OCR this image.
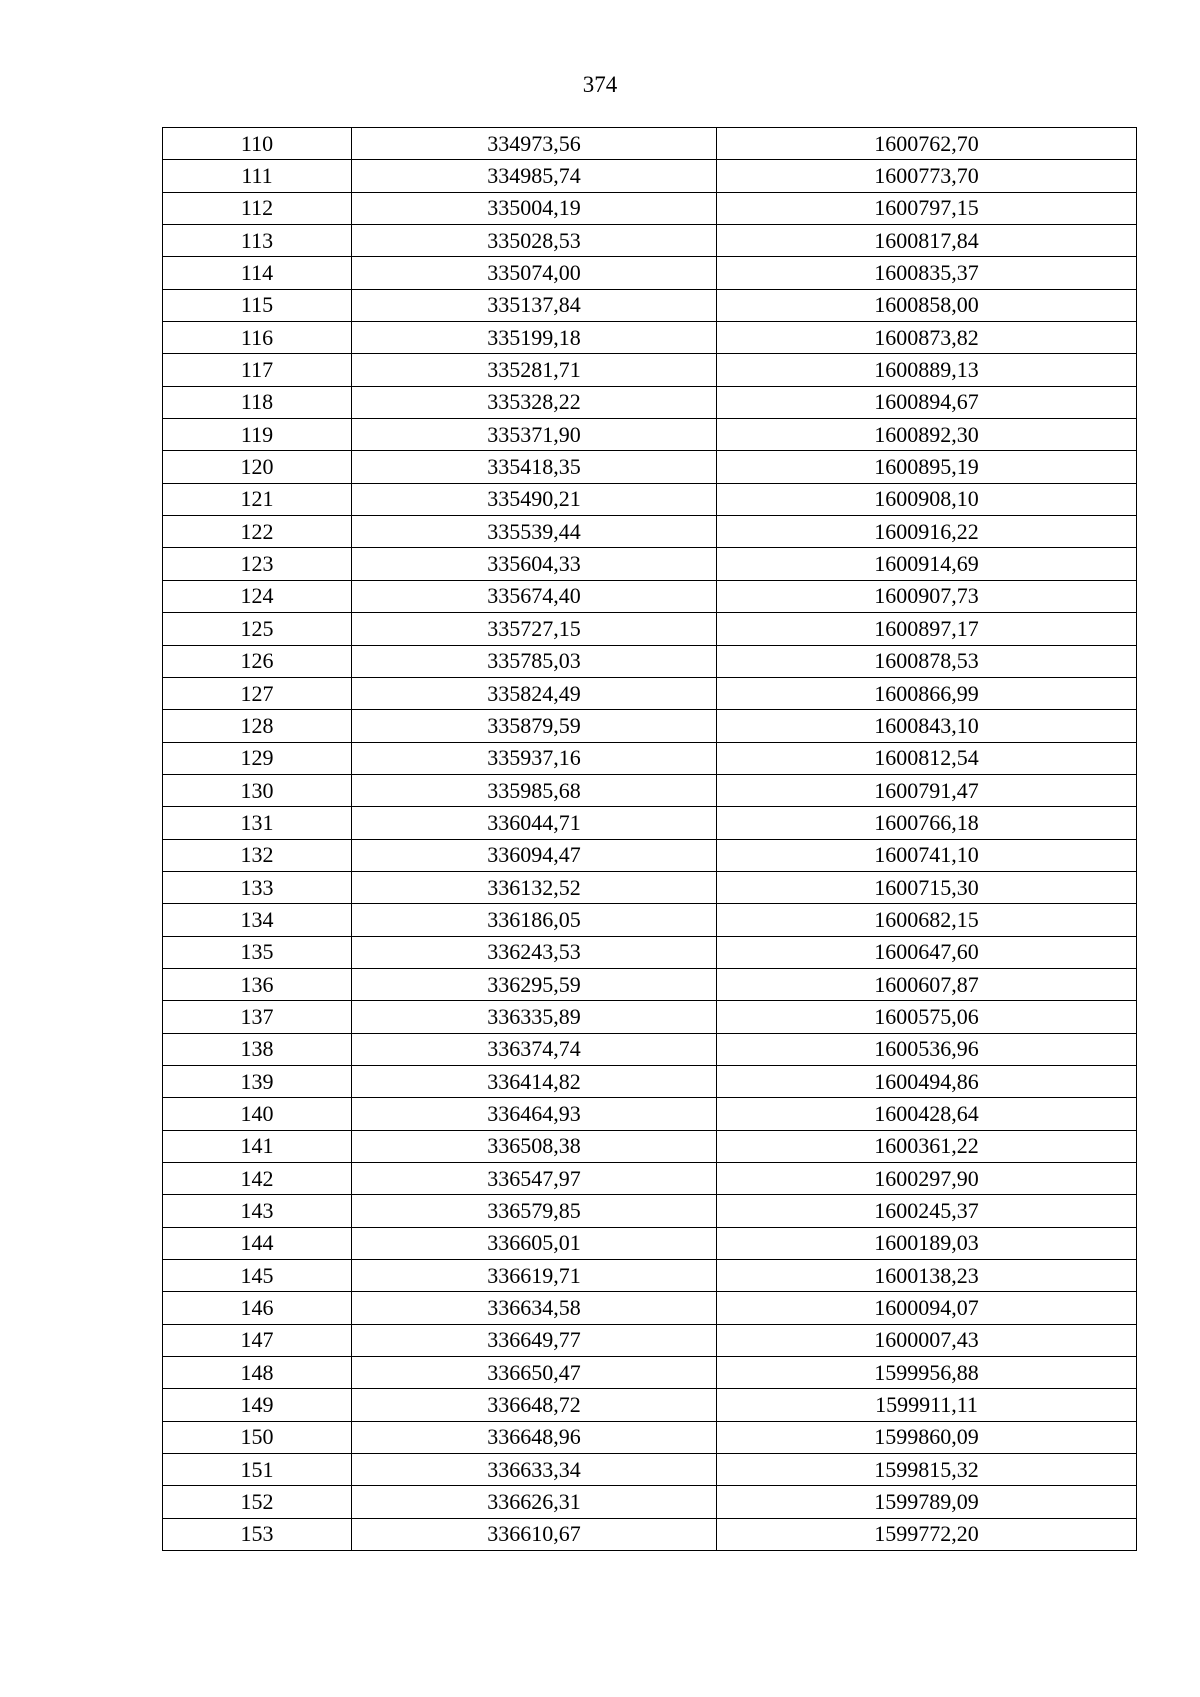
374
110	334973,56	1600762,70
111	334985,74	1600773,70
112	335004,19	1600797,15
113	335028,53	1600817,84
114	335074,00	1600835,37
115	335137,84	1600858,00
116	335199,18	1600873,82
117	335281,71	1600889,13
118	335328,22	1600894,67
119	335371,90	1600892,30
120	335418,35	1600895,19
121	335490,21	1600908,10
122	335539,44	1600916,22
123	335604,33	1600914,69
124	335674,40	1600907,73
125	335727,15	1600897,17
126	335785,03	1600878,53
127	335824,49	1600866,99
128	335879,59	1600843,10
129	335937,16	1600812,54
130	335985,68	1600791,47
131	336044,71	1600766,18
132	336094,47	1600741,10
133	336132,52	1600715,30
134	336186,05	1600682,15
135	336243,53	1600647,60
136	336295,59	1600607,87
137	336335,89	1600575,06
138	336374,74	1600536,96
139	336414,82	1600494,86
140	336464,93	1600428,64
141	336508,38	1600361,22
142	336547,97	1600297,90
143	336579,85	1600245,37
144	336605,01	1600189,03
145	336619,71	1600138,23
146	336634,58	1600094,07
147	336649,77	1600007,43
148	336650,47	1599956,88
149	336648,72	1599911,11
150	336648,96	1599860,09
151	336633,34	1599815,32
152	336626,31	1599789,09
153	336610,67	1599772,20
